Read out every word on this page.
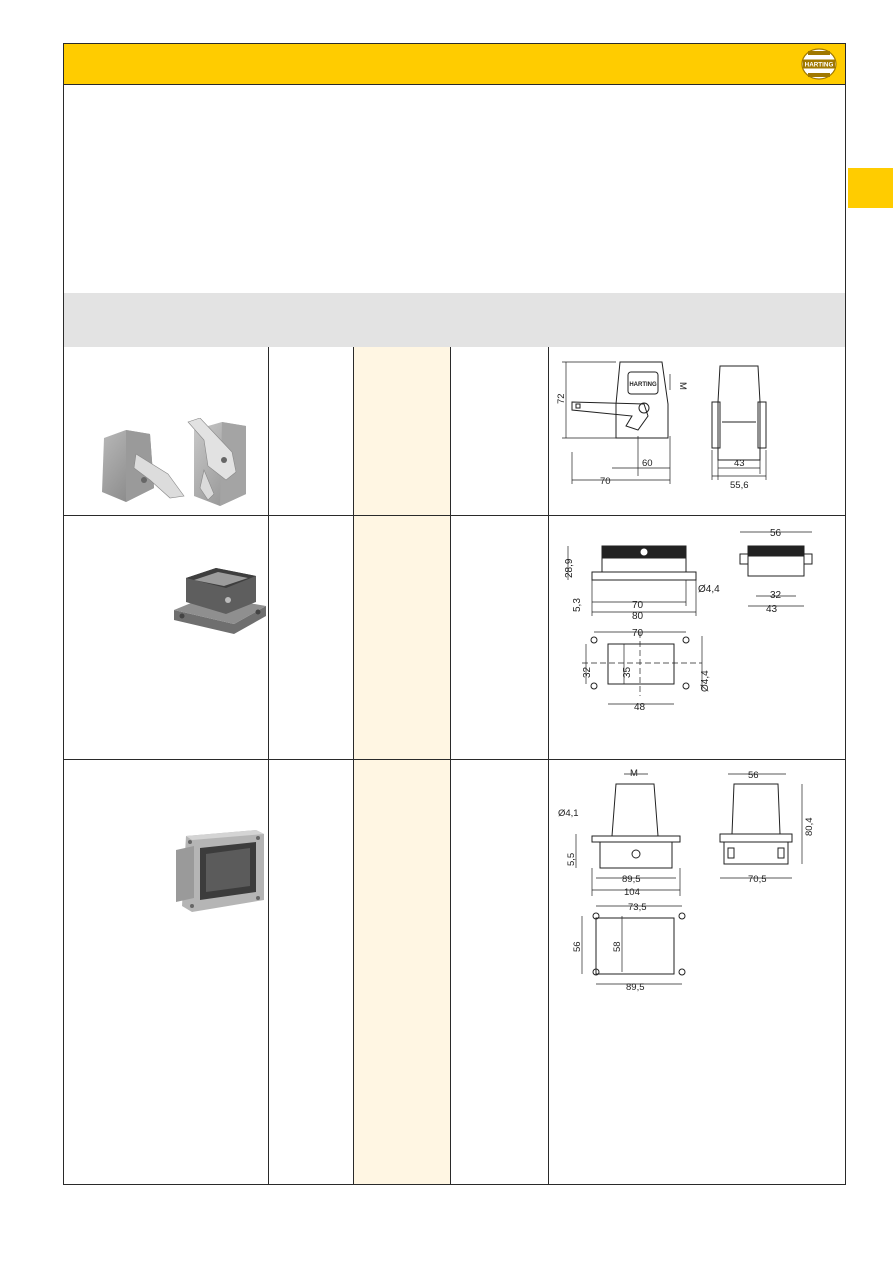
HARTING
HARTING
72
M
60
70
43
55,6
28,9
5,3	70
80
Ø4,4
56
32
43
70
32	35	Ø4,4
48
M
Ø4,1
5,5
89,5
104
56
80,4
70,5
73,5
56	58
89,5
